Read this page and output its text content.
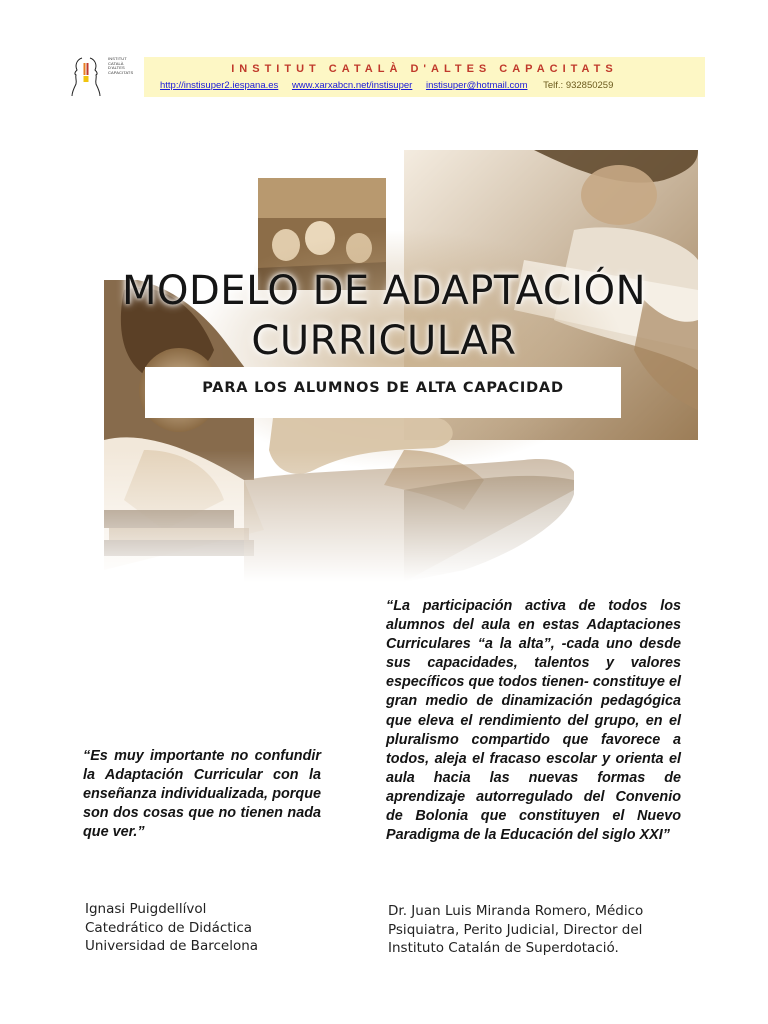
INSTITUT
CATALÀ
D'ALTES
CAPACITATS	INSTITUT CATALÀ D'ALTES CAPACITATS
http://instisuper2.iespana.es www.xarxabcn.net/instisuper instisuper@hotmail.com Telf.: 932850259
MODELO DE ADAPTACIÓN
CURRICULAR
PARA LOS ALUMNOS DE ALTA CAPACIDAD
“La participación activa de todos los alumnos del aula en estas Adaptaciones Curriculares “a la alta”, -cada uno desde sus capacidades, talentos y valores específicos que todos tienen- constituye el gran medio de dinamización pedagógica que eleva el rendimiento del grupo, en el pluralismo compartido que favorece a todos, aleja el fracaso escolar y orienta el aula hacia las nuevas formas de aprendizaje autorregulado del Convenio de Bolonia que constituyen el Nuevo Paradigma de la Educación del siglo XXI”
“Es muy importante no confundir la Adaptación Curricular con la enseñanza individualizada, porque son dos cosas que no tienen nada que ver.”
Ignasi Puigdellívol
Catedrático de Didáctica
Universidad de Barcelona
Dr. Juan Luis Miranda Romero, Médico
Psiquiatra, Perito Judicial, Director del
Instituto Catalán de Superdotació.
